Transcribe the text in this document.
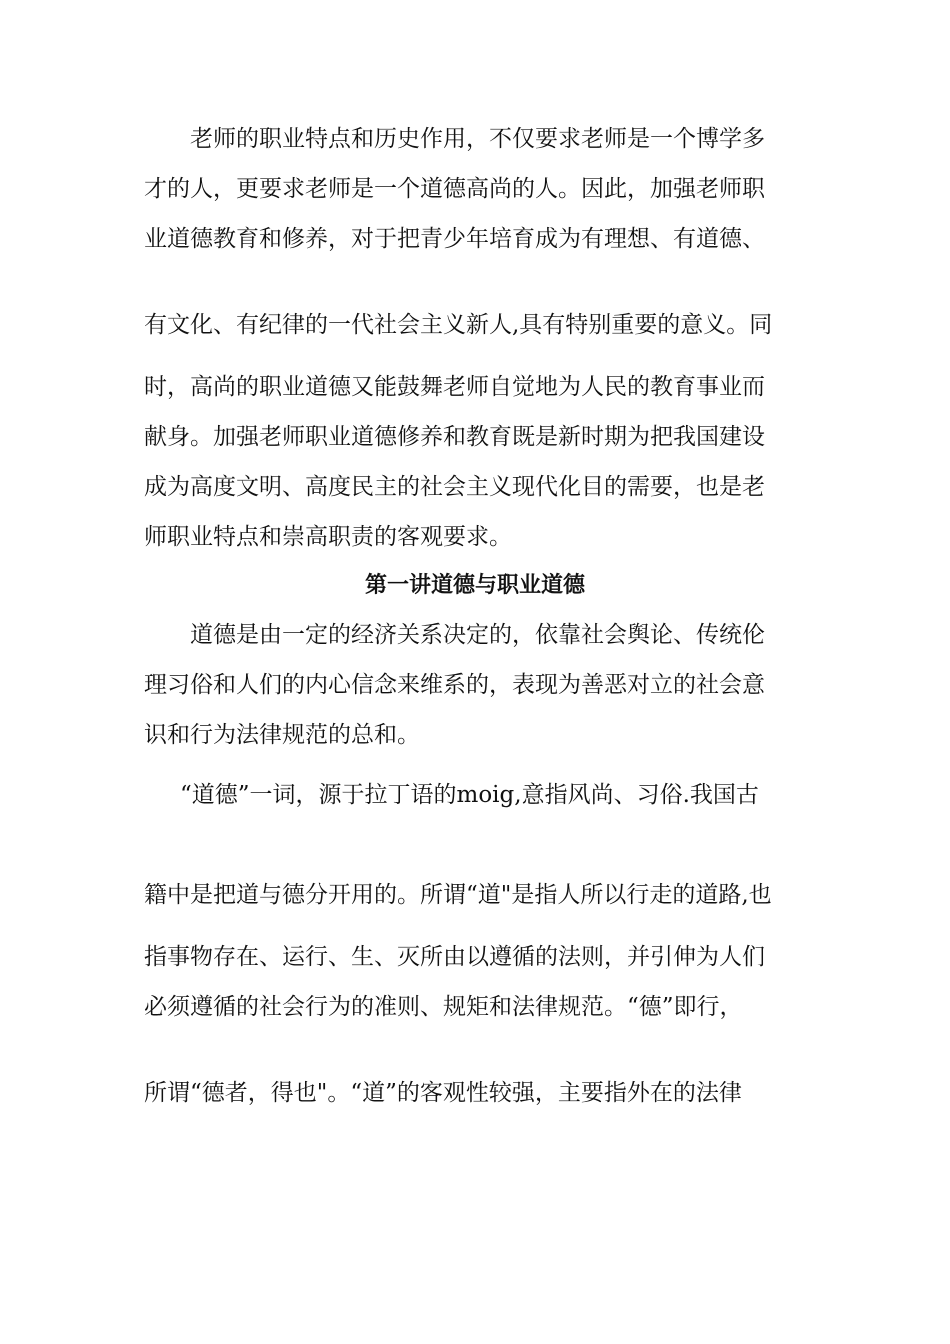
老师的职业特点和历史作用，不仅要求老师是一个博学多
才的人，更要求老师是一个道德高尚的人。因此，加强老师职
业道德教育和修养，对于把青少年培育成为有理想、有道德、
有文化、有纪律的一代社会主义新人,具有特别重要的意义。同
时，高尚的职业道德又能鼓舞老师自觉地为人民的教育事业而
献身。加强老师职业道德修养和教育既是新时期为把我国建设
成为高度文明、高度民主的社会主义现代化目的需要，也是老
师职业特点和崇高职责的客观要求。
第一讲道德与职业道德
道德是由一定的经济关系决定的，依靠社会舆论、传统伦
理习俗和人们的内心信念来维系的，表现为善恶对立的社会意
识和行为法律规范的总和。
“道德”一词，源于拉丁语的moig,意指风尚、习俗.我国古
籍中是把道与德分开用的。所谓“道"是指人所以行走的道路,也
指事物存在、运行、生、灭所由以遵循的法则，并引伸为人们
必须遵循的社会行为的准则、规矩和法律规范。“德”即行，
所谓“德者，得也"。“道”的客观性较强，主要指外在的法律
